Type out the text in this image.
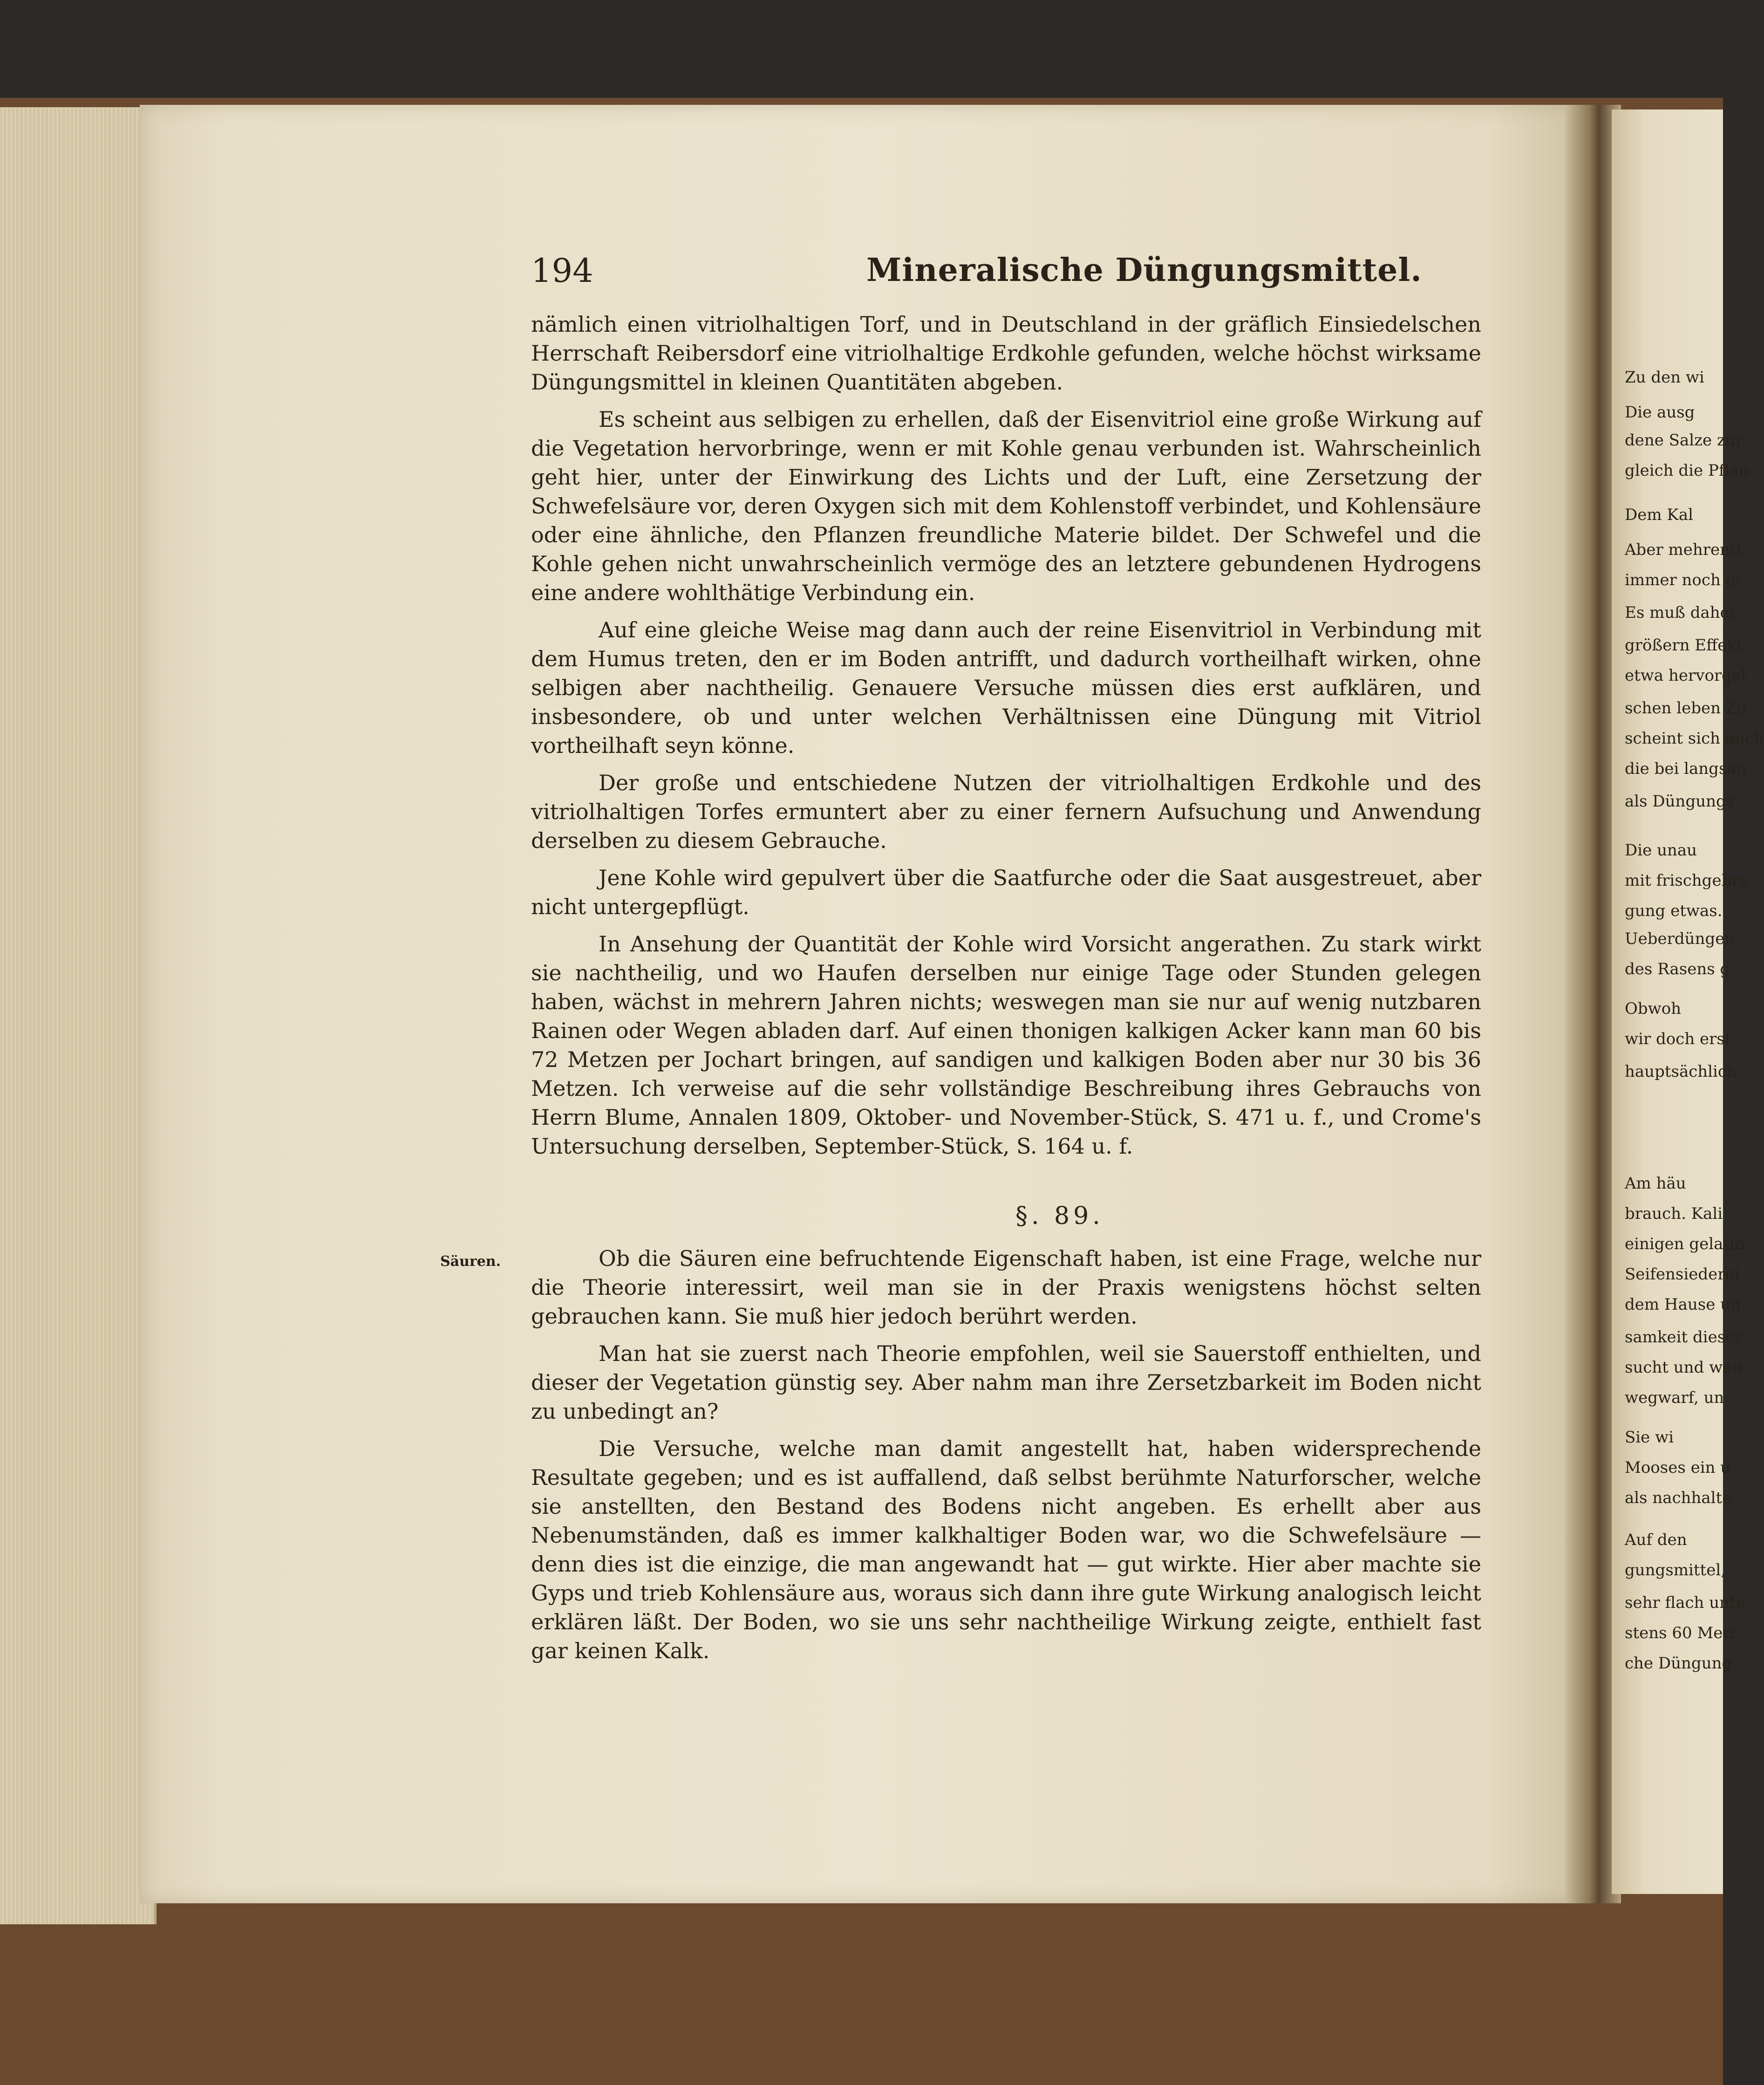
194	Mineralische Düngungsmittel.

nämlich einen vitriolhaltigen Torf, und in Deutschland in der gräflich Einsiedelschen Herrschaft Reibersdorf eine vitriolhaltige Erdkohle gefunden, welche höchst wirksame Düngungsmittel in kleinen Quantitäten abgeben.

Es scheint aus selbigen zu erhellen, daß der Eisenvitriol eine große Wirkung auf die Vegetation hervorbringe, wenn er mit Kohle genau verbunden ist. Wahrscheinlich geht hier, unter der Einwirkung des Lichts und der Luft, eine Zersetzung der Schwefelsäure vor, deren Oxygen sich mit dem Kohlenstoff verbindet, und Kohlensäure oder eine ähnliche, den Pflanzen freundliche Materie bildet. Der Schwefel und die Kohle gehen nicht unwahrscheinlich vermöge des an letztere gebundenen Hydrogens eine andere wohlthätige Verbindung ein.

Auf eine gleiche Weise mag dann auch der reine Eisenvitriol in Verbindung mit dem Humus treten, den er im Boden antrifft, und dadurch vortheilhaft wirken, ohne selbigen aber nachtheilig. Genauere Versuche müssen dies erst aufklären, und insbesondere, ob und unter welchen Verhältnissen eine Düngung mit Vitriol vortheilhaft seyn könne.

Der große und entschiedene Nutzen der vitriolhaltigen Erdkohle und des vitriolhaltigen Torfes ermuntert aber zu einer fernern Aufsuchung und Anwendung derselben zu diesem Gebrauche.

Jene Kohle wird gepulvert über die Saatfurche oder die Saat ausgestreuet, aber nicht untergepflügt.

In Ansehung der Quantität der Kohle wird Vorsicht angerathen. Zu stark wirkt sie nachtheilig, und wo Haufen derselben nur einige Tage oder Stunden gelegen haben, wächst in mehrern Jahren nichts; weswegen man sie nur auf wenig nutzbaren Rainen oder Wegen abladen darf. Auf einen thonigen kalkigen Acker kann man 60 bis 72 Metzen per Jochart bringen, auf sandigen und kalkigen Boden aber nur 30 bis 36 Metzen. Ich verweise auf die sehr vollständige Beschreibung ihres Gebrauchs von Herrn Blume, Annalen 1809, Oktober- und November-Stück, S. 471 u. f., und Crome's Untersuchung derselben, September-Stück, S. 164 u. f.

§. 89.
Säuren.	Ob die Säuren eine befruchtende Eigenschaft haben, ist eine Frage, welche nur die Theorie interessirt, weil man sie in der Praxis wenigstens höchst selten gebrauchen kann. Sie muß hier jedoch berührt werden.

Man hat sie zuerst nach Theorie empfohlen, weil sie Sauerstoff enthielten, und dieser der Vegetation günstig sey. Aber nahm man ihre Zersetzbarkeit im Boden nicht zu unbedingt an?

Die Versuche, welche man damit angestellt hat, haben widersprechende Resultate gegeben; und es ist auffallend, daß selbst berühmte Naturforscher, welche sie anstellten, den Bestand des Bodens nicht angeben. Es erhellt aber aus Nebenumständen, daß es immer kalkhaltiger Boden war, wo die Schwefelsäure — denn dies ist die einzige, die man angewandt hat — gut wirkte. Hier aber machte sie Gyps und trieb Kohlensäure aus, woraus sich dann ihre gute Wirkung analogisch leicht erklären läßt. Der Boden, wo sie uns sehr nachtheilige Wirkung zeigte, enthielt fast gar keinen Kalk.

Zu den wi
Die ausg
dene Salze zur
gleich die Pflan
Dem Kal
Aber mehrentl
immer noch ei
Es muß daher
größern Effekt
etwa hervorgel
schen leben Zu
scheint sich auch
die bei langsan
als Düngungs
Die unau
mit frischgebra
gung etwas.
Ueberdüngen,
des Rasens g
Obwoh
wir doch erst
hauptsächlich
Am häu
brauch. Kali
einigen gelatin
Seifensiederei
dem Hause un
samkeit dieses
sucht und weit
wegwarf, un
Sie wi
Mooses ein u
als nachhalte
Auf den
gungsmittel,
sehr flach unte
stens 60 Metz
che Düngung
